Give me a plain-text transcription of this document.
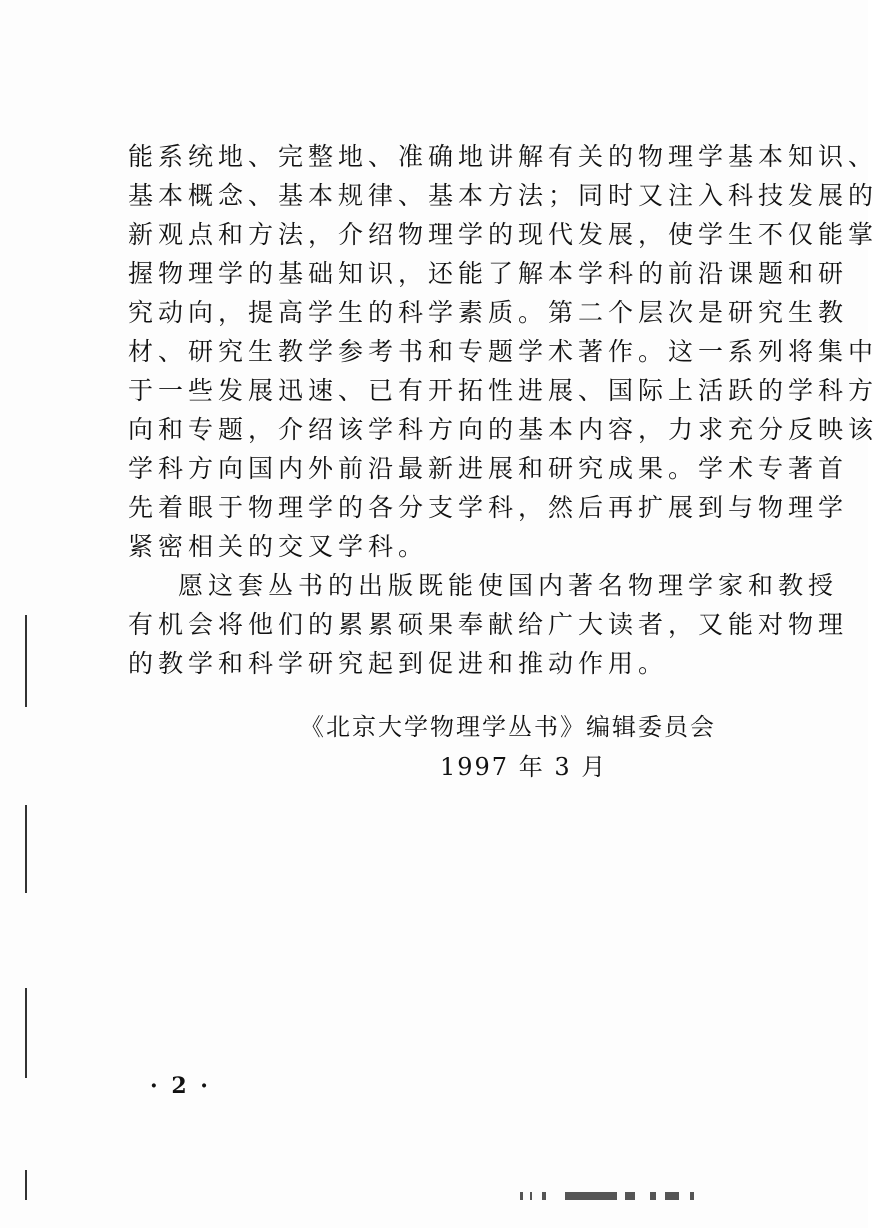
能系统地、完整地、准确地讲解有关的物理学基本知识、
基本概念、基本规律、基本方法；同时又注入科技发展的
新观点和方法，介绍物理学的现代发展，使学生不仅能掌
握物理学的基础知识，还能了解本学科的前沿课题和研
究动向，提高学生的科学素质。第二个层次是研究生教
材、研究生教学参考书和专题学术著作。这一系列将集中
于一些发展迅速、已有开拓性进展、国际上活跃的学科方
向和专题，介绍该学科方向的基本内容，力求充分反映该
学科方向国内外前沿最新进展和研究成果。学术专著首
先着眼于物理学的各分支学科，然后再扩展到与物理学
紧密相关的交叉学科。
愿这套丛书的出版既能使国内著名物理学家和教授
有机会将他们的累累硕果奉献给广大读者，又能对物理
的教学和科学研究起到促进和推动作用。
《北京大学物理学丛书》编辑委员会
1997 年 3 月
· 2 ·
